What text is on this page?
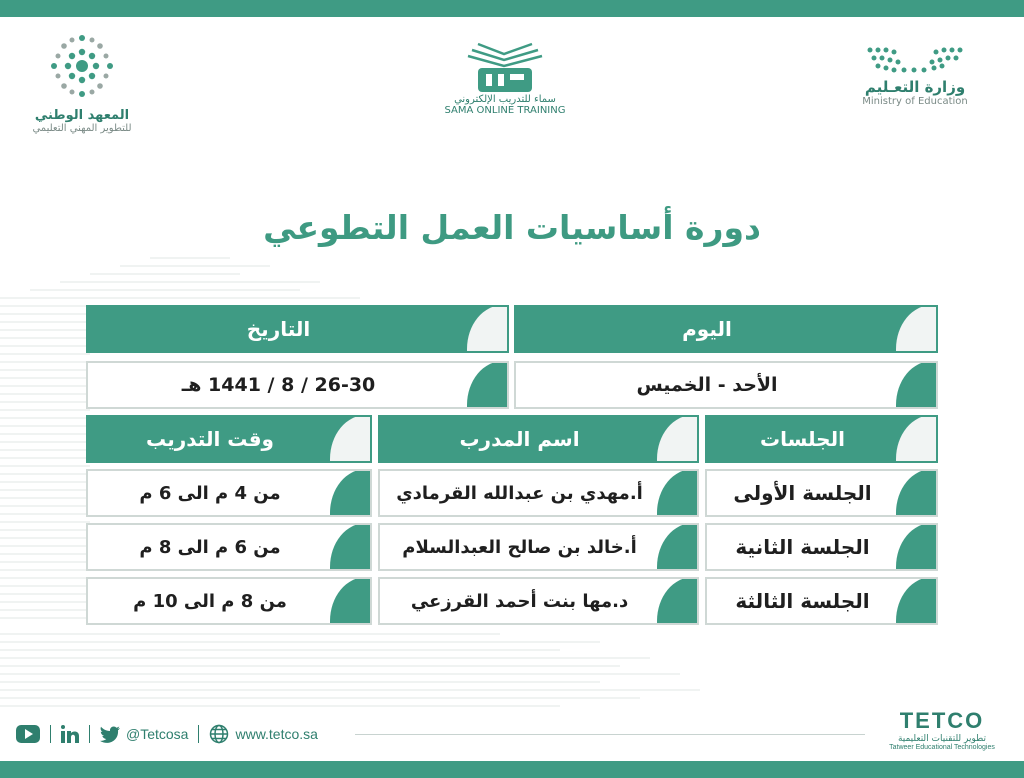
المعهد الوطني
للتطوير المهني التعليمي
سماء للتدريب الإلكتروني
SAMA ONLINE TRAINING
وزارة التعـليم
Ministry of Education
دورة أساسيات العمل التطوعي
اليوم
التاريخ
الأحد - الخميس
26-30 / 8 / 1441 هـ
الجلسات
اسم المدرب
وقت التدريب
الجلسة الأولى
أ.مهدي بن عبدالله القرمادي
من 4 م الى 6 م
الجلسة الثانية
أ.خالد بن صالح العبدالسلام
من 6 م الى 8 م
الجلسة الثالثة
د.مها بنت أحمد القرزعي
من 8 م الى 10 م
@Tetcosa	www.tetco.sa
TETCO
تطوير للتقنيات التعليمية
Tatweer Educational Technologies
